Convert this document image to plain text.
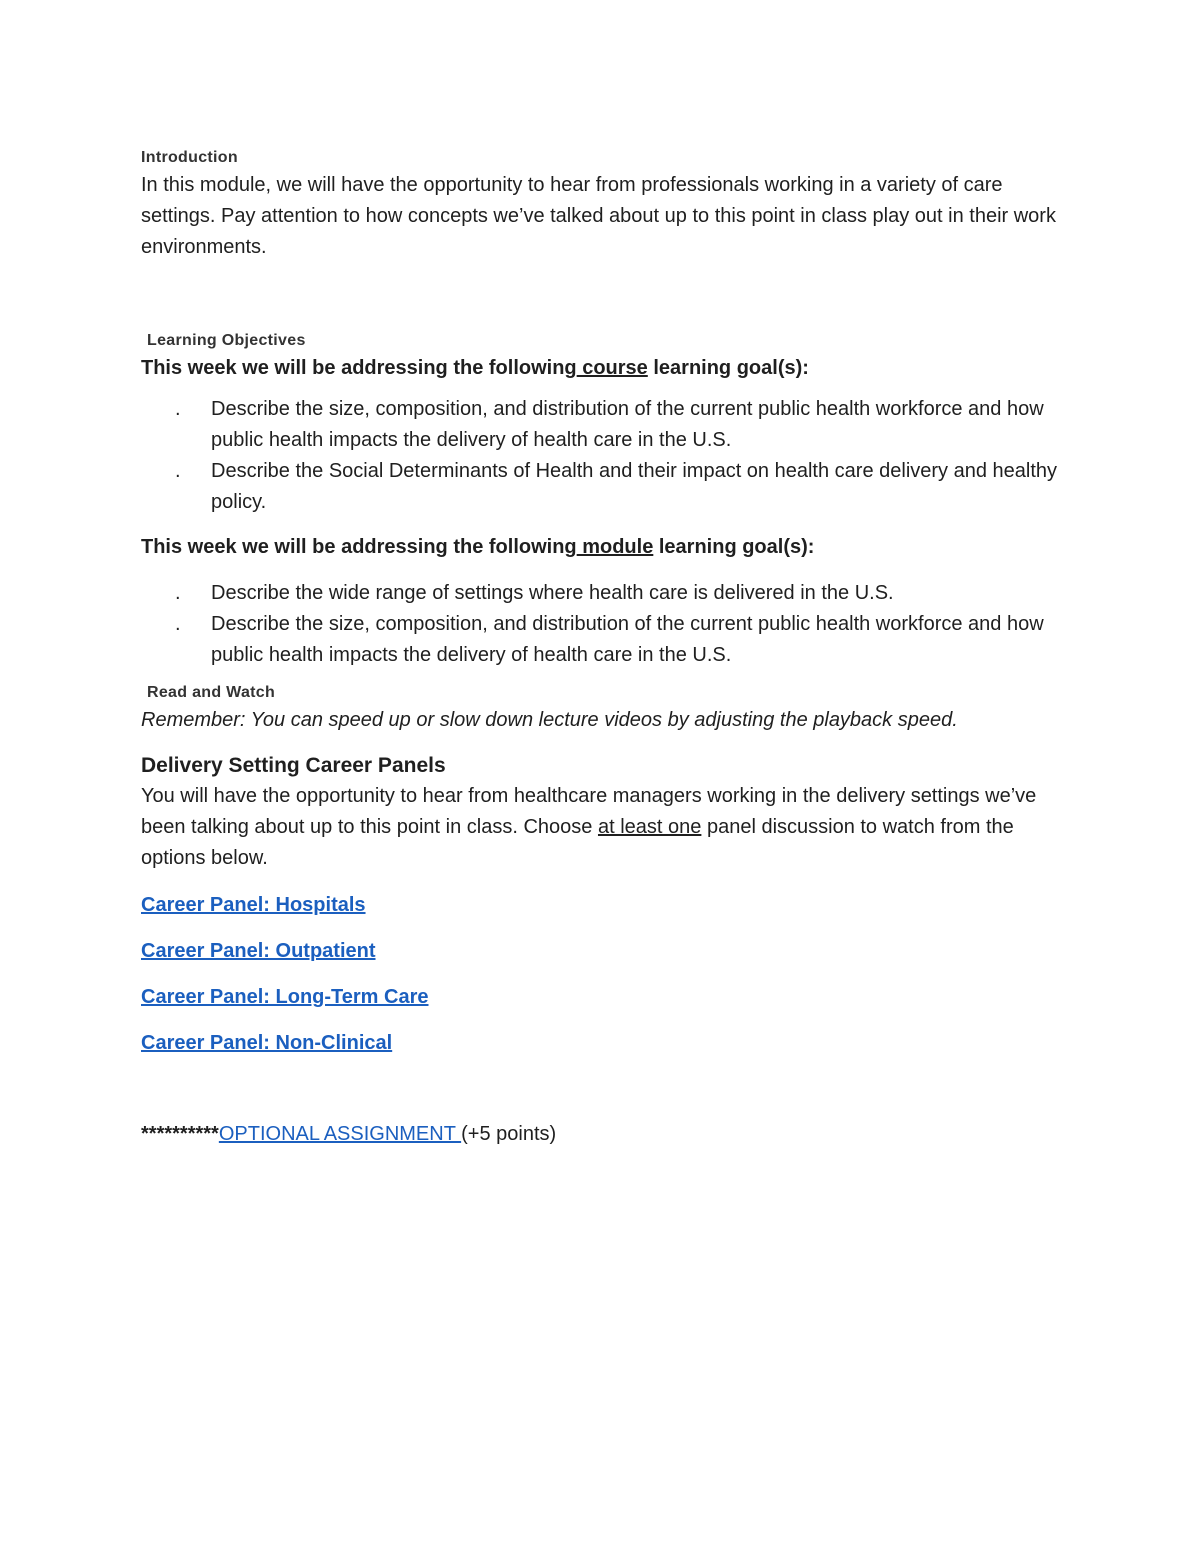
Introduction
In this module, we will have the opportunity to hear from professionals working in a variety of care settings. Pay attention to how concepts we’ve talked about up to this point in class play out in their work environments.
Learning Objectives
This week we will be addressing the following course learning goal(s):
. Describe the size, composition, and distribution of the current public health workforce and how public health impacts the delivery of health care in the U.S.
. Describe the Social Determinants of Health and their impact on health care delivery and healthy policy.
This week we will be addressing the following module learning goal(s):
. Describe the wide range of settings where health care is delivered in the U.S.
. Describe the size, composition, and distribution of the current public health workforce and how public health impacts the delivery of health care in the U.S.
Read and Watch
Remember: You can speed up or slow down lecture videos by adjusting the playback speed.
Delivery Setting Career Panels
You will have the opportunity to hear from healthcare managers working in the delivery settings we’ve been talking about up to this point in class. Choose at least one panel discussion to watch from the options below.
Career Panel: Hospitals
Career Panel: Outpatient
Career Panel: Long-Term Care
Career Panel: Non-Clinical
**********OPTIONAL ASSIGNMENT (+5 points)
